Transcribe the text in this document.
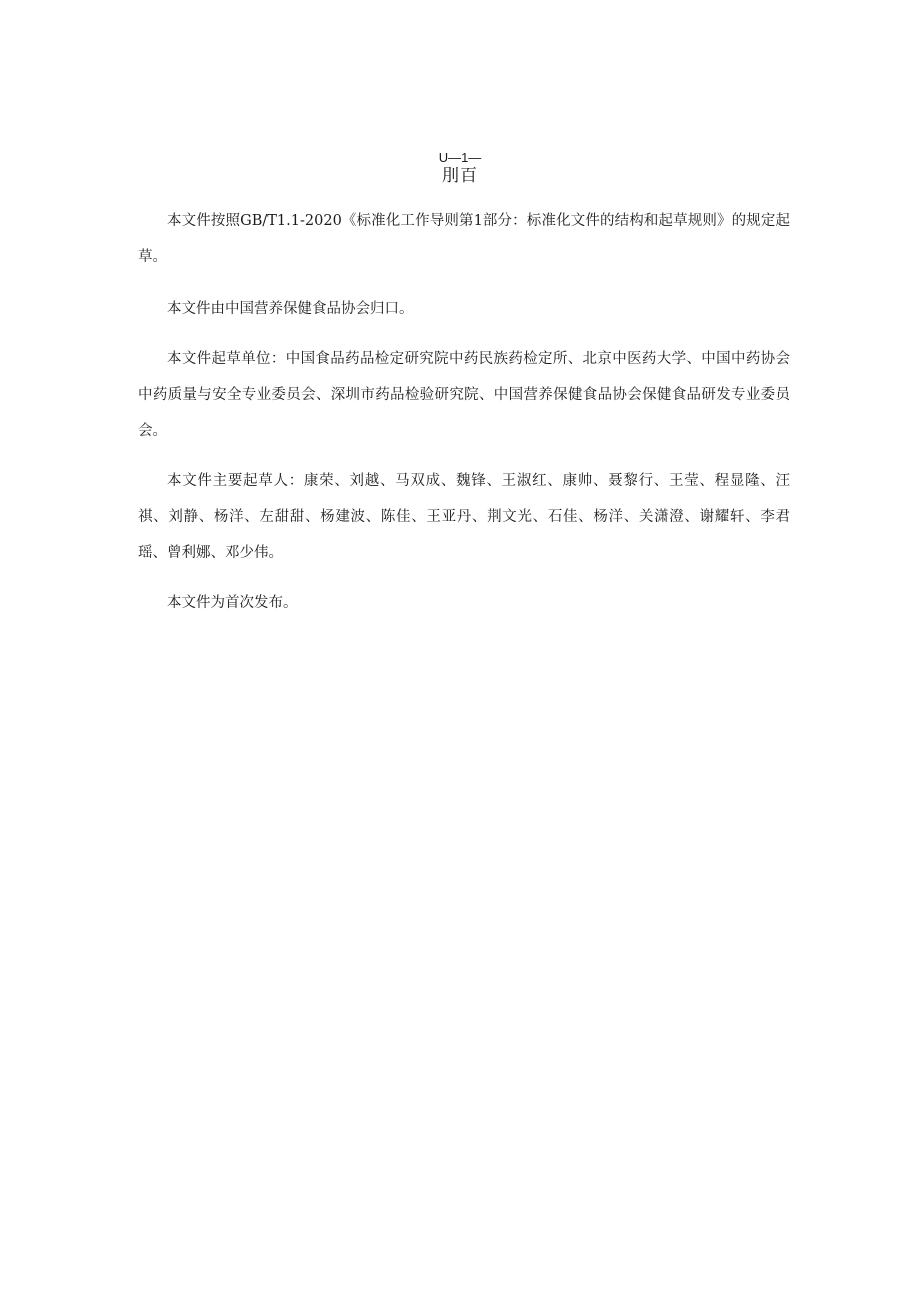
U—1—
刖百

本文件按照GB/T1.1-2020《标准化工作导则第1部分：标准化文件的结构和起草规则》的规定起草。

本文件由中国营养保健食品协会归口。

本文件起草单位：中国食品药品检定研究院中药民族药检定所、北京中医药大学、中国中药协会中药质量与安全专业委员会、深圳市药品检验研究院、中国营养保健食品协会保健食品研发专业委员会。

本文件主要起草人：康荣、刘越、马双成、魏锋、王淑红、康帅、聂黎行、王莹、程显隆、汪祺、刘静、杨洋、左甜甜、杨建波、陈佳、王亚丹、荆文光、石佳、杨洋、关潇澄、谢耀轩、李君瑶、曾利娜、邓少伟。

本文件为首次发布。
